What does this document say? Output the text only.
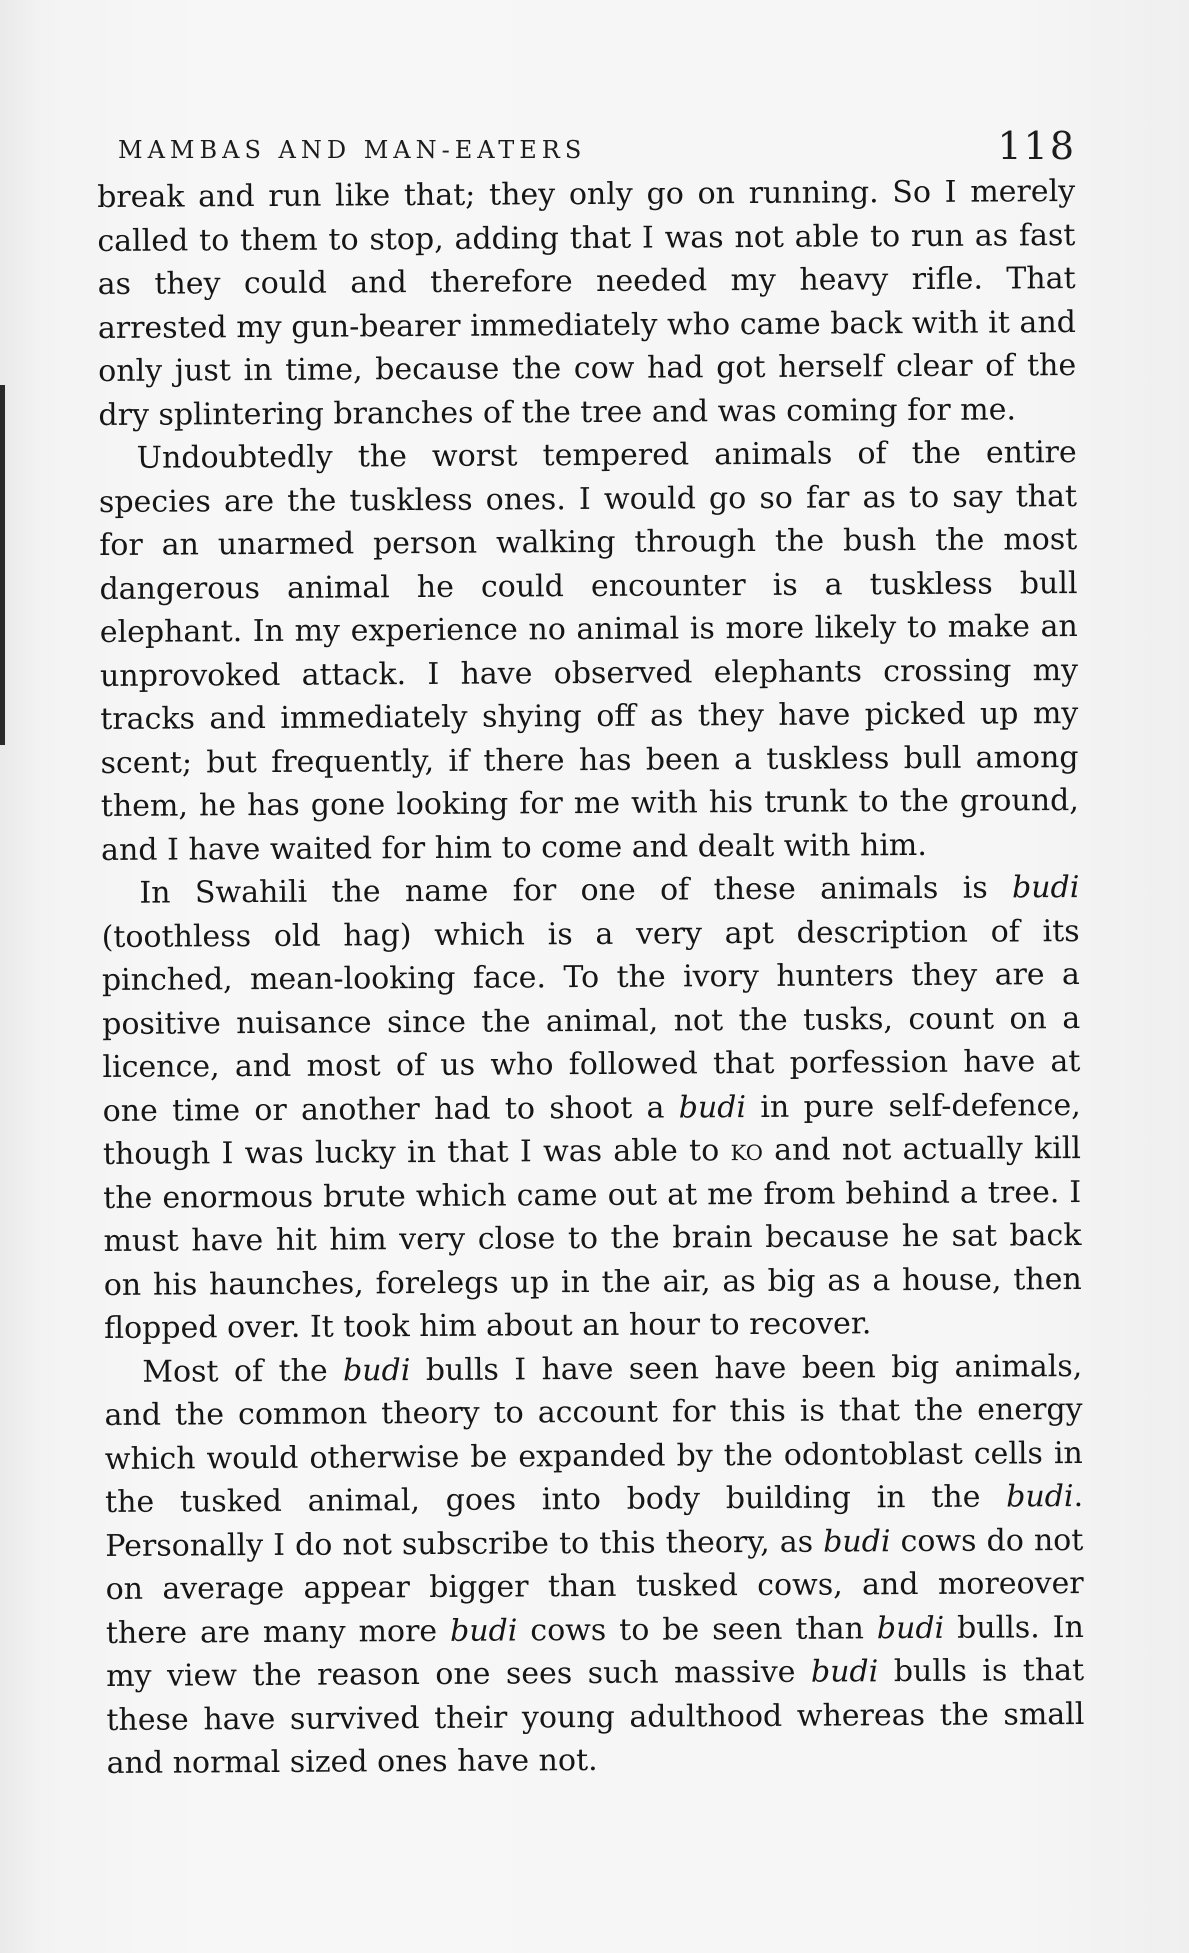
MAMBAS AND MAN-EATERS	118

break and run like that; they only go on running. So I merely called to them to stop, adding that I was not able to run as fast as they could and therefore needed my heavy rifle. That arrested my gun-bearer immediately who came back with it and only just in time, because the cow had got herself clear of the dry splintering branches of the tree and was coming for me.

Undoubtedly the worst tempered animals of the entire species are the tuskless ones. I would go so far as to say that for an unarmed person walking through the bush the most dangerous animal he could encounter is a tuskless bull elephant. In my experience no animal is more likely to make an unprovoked attack. I have observed elephants crossing my tracks and immediately shying off as they have picked up my scent; but frequently, if there has been a tuskless bull among them, he has gone looking for me with his trunk to the ground, and I have waited for him to come and dealt with him.

In Swahili the name for one of these animals is budi (toothless old hag) which is a very apt description of its pinched, mean-looking face. To the ivory hunters they are a positive nuisance since the animal, not the tusks, count on a licence, and most of us who followed that porfession have at one time or another had to shoot a budi in pure self-defence, though I was lucky in that I was able to ko and not actually kill the enormous brute which came out at me from behind a tree. I must have hit him very close to the brain because he sat back on his haunches, forelegs up in the air, as big as a house, then flopped over. It took him about an hour to recover.

Most of the budi bulls I have seen have been big animals, and the common theory to account for this is that the energy which would otherwise be expanded by the odontoblast cells in the tusked animal, goes into body building in the budi. Personally I do not subscribe to this theory, as budi cows do not on average appear bigger than tusked cows, and moreover there are many more budi cows to be seen than budi bulls. In my view the reason one sees such massive budi bulls is that these have survived their young adulthood whereas the small and normal sized ones have not.
